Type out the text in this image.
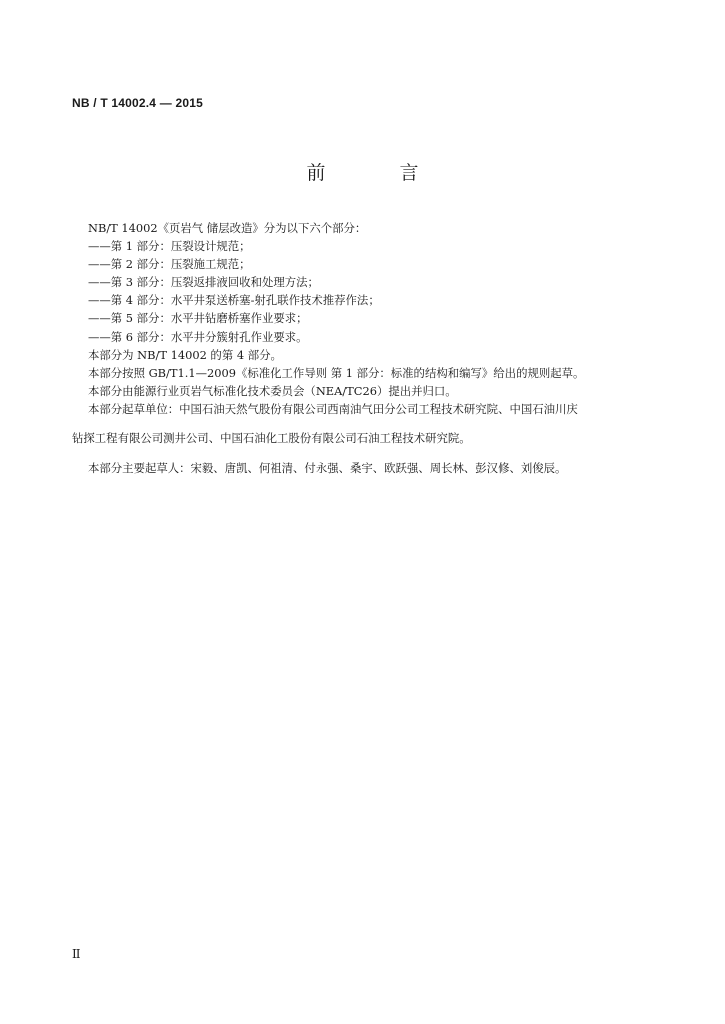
NB / T 14002.4 — 2015
前 言

NB/T 14002《页岩气 储层改造》分为以下六个部分：

——第 1 部分：压裂设计规范；

——第 2 部分：压裂施工规范；

——第 3 部分：压裂返排液回收和处理方法；

——第 4 部分：水平井泵送桥塞-射孔联作技术推荐作法；

——第 5 部分：水平井钻磨桥塞作业要求；

——第 6 部分：水平井分簇射孔作业要求。

本部分为 NB/T 14002 的第 4 部分。

本部分按照 GB/T1.1—2009《标准化工作导则 第 1 部分：标准的结构和编写》给出的规则起草。

本部分由能源行业页岩气标准化技术委员会（NEA/TC26）提出并归口。

本部分起草单位：中国石油天然气股份有限公司西南油气田分公司工程技术研究院、中国石油川庆

钻探工程有限公司测井公司、中国石油化工股份有限公司石油工程技术研究院。

本部分主要起草人：宋毅、唐凯、何祖清、付永强、桑宇、欧跃强、周长林、彭汉修、刘俊辰。

II
